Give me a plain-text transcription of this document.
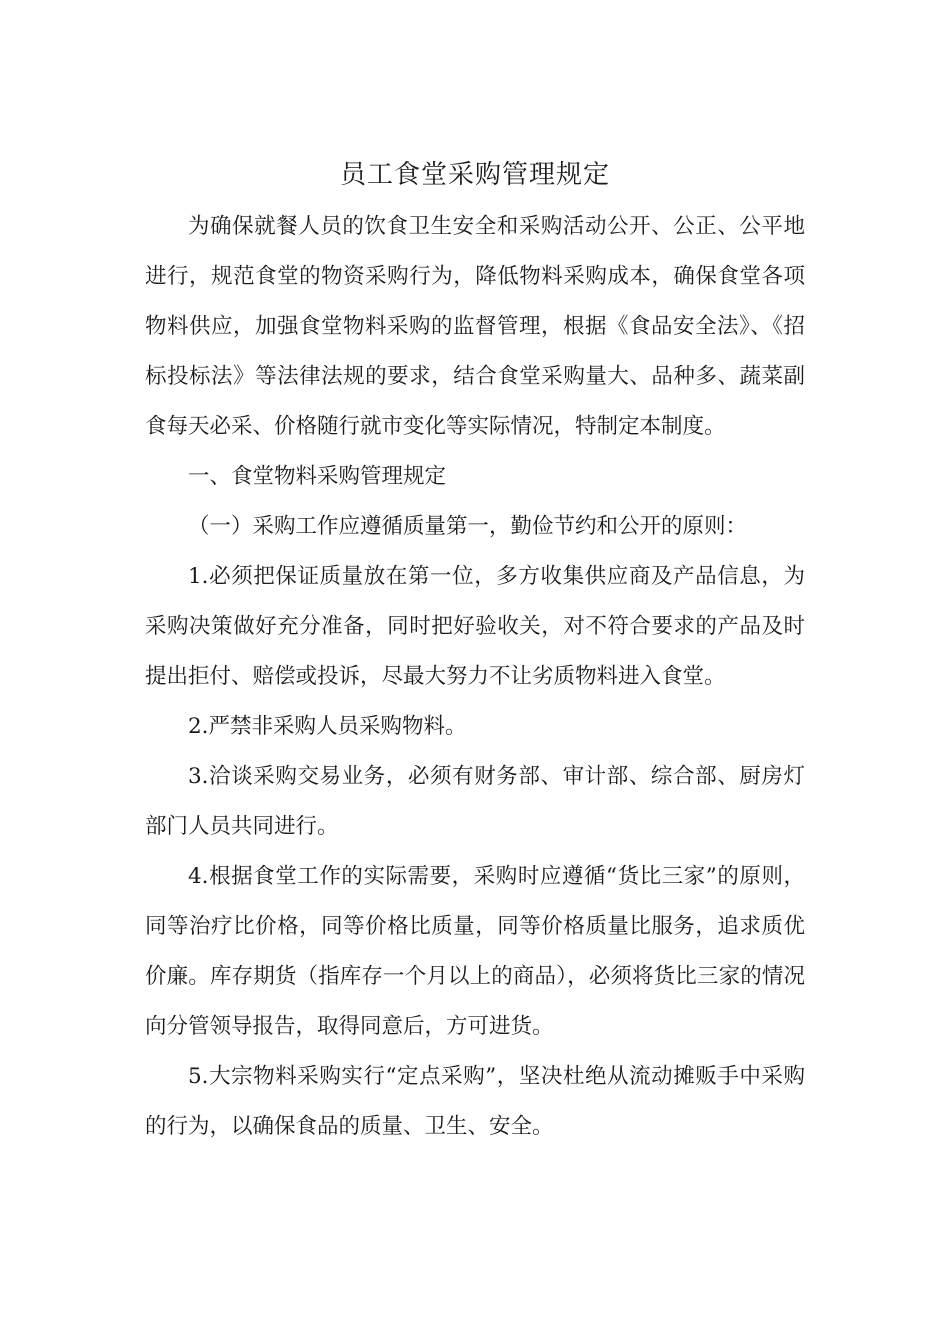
员工食堂采购管理规定

为确保就餐人员的饮食卫生安全和采购活动公开、公正、公平地进行，规范食堂的物资采购行为，降低物料采购成本，确保食堂各项物料供应，加强食堂物料采购的监督管理，根据《食品安全法》、《招标投标法》等法律法规的要求，结合食堂采购量大、品种多、蔬菜副食每天必采、价格随行就市变化等实际情况，特制定本制度。

一、食堂物料采购管理规定

（一）采购工作应遵循质量第一，勤俭节约和公开的原则：

1.必须把保证质量放在第一位，多方收集供应商及产品信息，为采购决策做好充分准备，同时把好验收关，对不符合要求的产品及时提出拒付、赔偿或投诉，尽最大努力不让劣质物料进入食堂。

2.严禁非采购人员采购物料。

3.洽谈采购交易业务，必须有财务部、审计部、综合部、厨房灯部门人员共同进行。

4.根据食堂工作的实际需要，采购时应遵循“货比三家”的原则，同等治疗比价格，同等价格比质量，同等价格质量比服务，追求质优价廉。库存期货（指库存一个月以上的商品），必须将货比三家的情况向分管领导报告，取得同意后，方可进货。

5.大宗物料采购实行“定点采购”，坚决杜绝从流动摊贩手中采购的行为，以确保食品的质量、卫生、安全。
